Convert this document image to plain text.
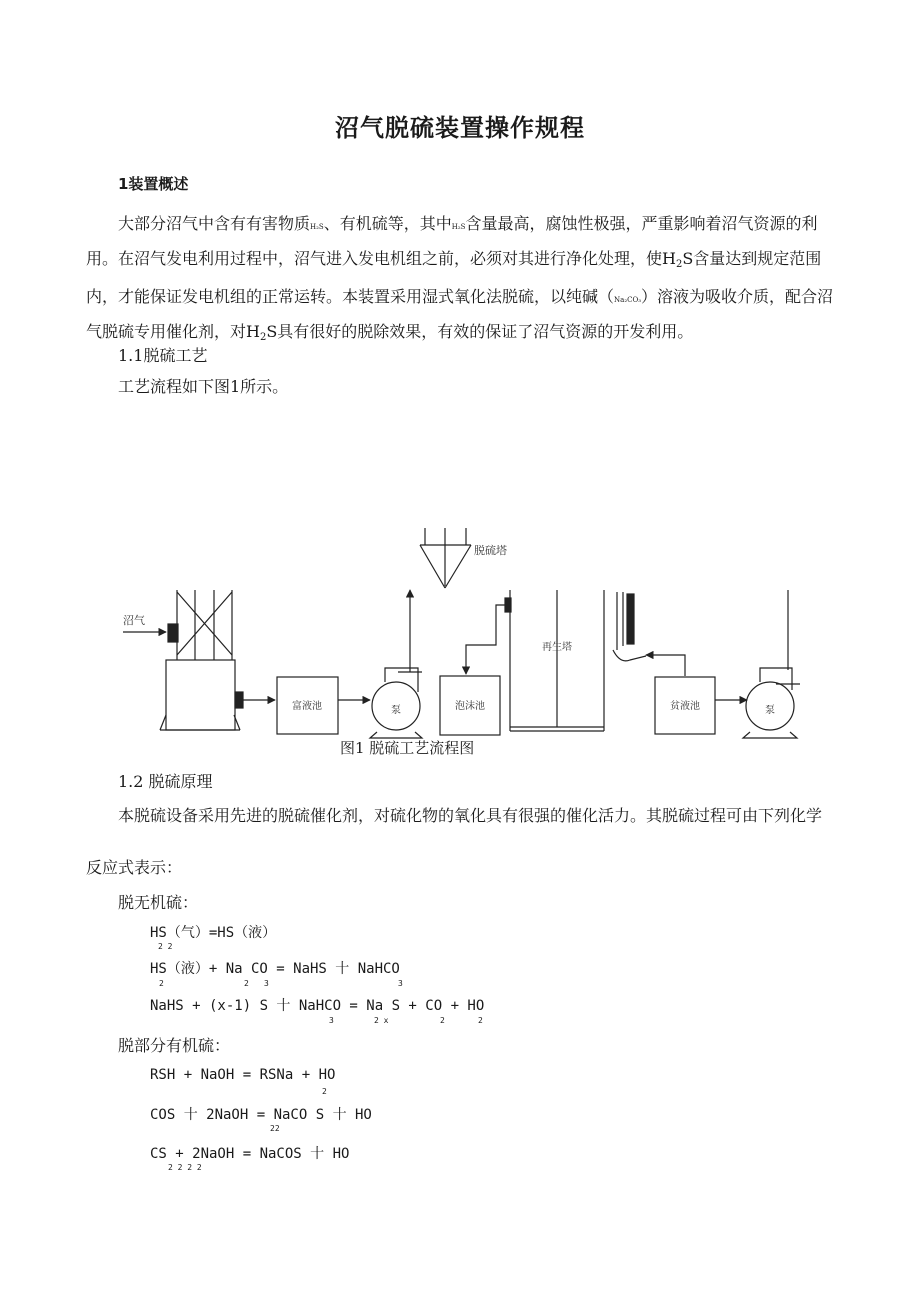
沼气脱硫装置操作规程
1装置概述
大部分沼气中含有有害物质H₂S、有机硫等，其中H₂S含量最高，腐蚀性极强，严重影响着沼气资源的利用。在沼气发电利用过程中，沼气进入发电机组之前，必须对其进行净化处理，使$H_2S$含量达到规定范围内，才能保证发电机组的正常运转。本装置采用湿式氧化法脱硫，以纯碱（Na₂CO₃）溶液为吸收介质，配合沼气脱硫专用催化剂，对$H_2S$具有很好的脱除效果，有效的保证了沼气资源的开发利用。
1.1脱硫工艺
工艺流程如下图1所示。
脱硫塔
沼气
富液池	泵	泡沫池
再生塔
贫液池	泵
图1 脱硫工艺流程图
1.2 脱硫原理
本脱硫设备采用先进的脱硫催化剂，对硫化物的氧化具有很强的催化活力。其脱硫过程可由下列化学
反应式表示：
脱无机硫：
HS（气）=HS（液）
2 2
HS（液）+ Na CO = NaHS 十 NaHCO
2	2 3	3
NaHS + (x-1) S 十 NaHCO = Na S + CO + HO
3	2 x	2	2
脱部分有机硫：
RSH + NaOH = RSNa + HO
2
COS 十 2NaOH = NaCO S 十 HO
22
CS + 2NaOH = NaCOS 十 HO
2 2 2 2
